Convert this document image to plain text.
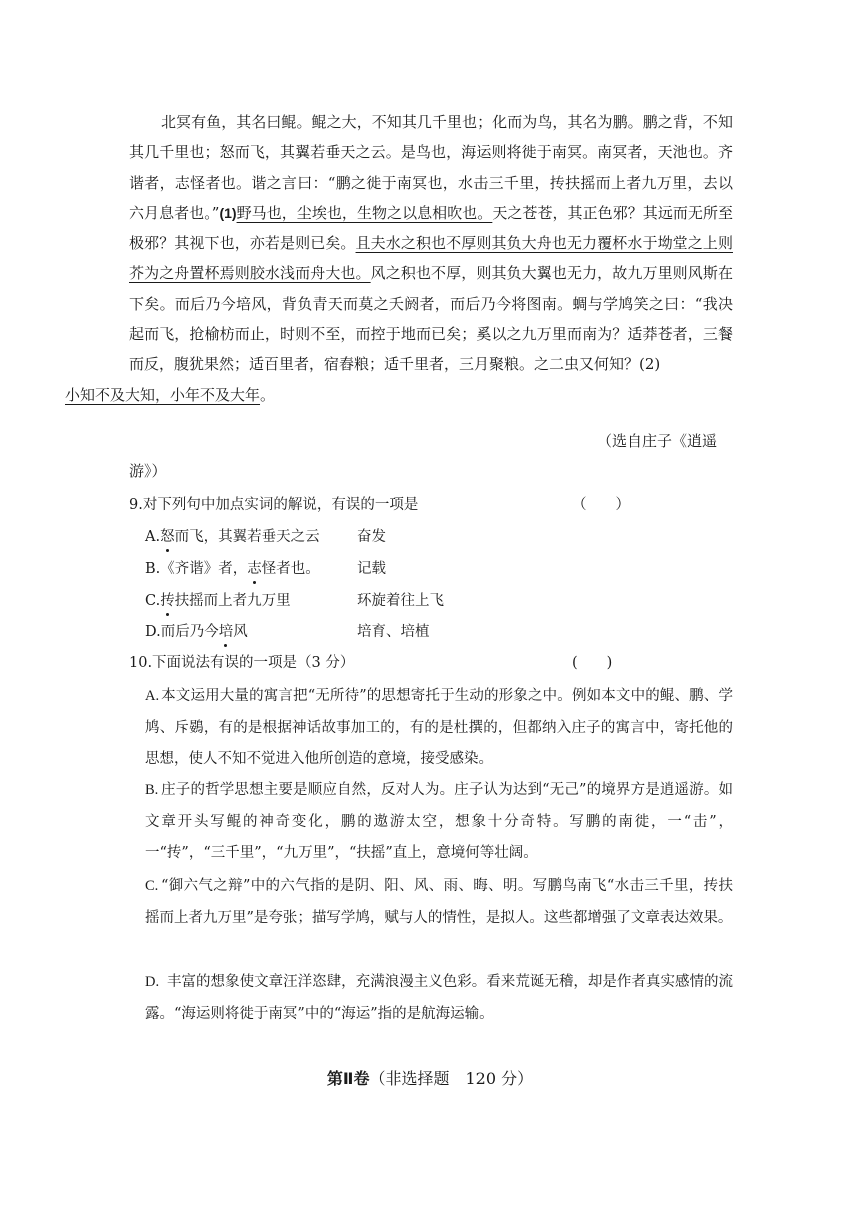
北冥有鱼，其名曰鲲。鲲之大，不知其几千里也；化而为鸟，其名为鹏。鹏之背，不知其几千里也；怒而飞，其翼若垂天之云。是鸟也，海运则将徙于南冥。南冥者，天池也。齐谐者，志怪者也。谐之言曰：“鹏之徙于南冥也，水击三千里，抟扶摇而上者九万里，去以六月息者也。”(1)野马也，尘埃也，生物之以息相吹也。天之苍苍，其正色邪？其远而无所至极邪？其视下也，亦若是则已矣。且夫水之积也不厚则其负大舟也无力覆杯水于坳堂之上则芥为之舟置杯焉则胶水浅而舟大也。风之积也不厚，则其负大翼也无力，故九万里则风斯在下矣。而后乃今培风，背负青天而莫之夭阏者，而后乃今将图南。蜩与学鸠笑之曰：“我决起而飞，抢榆枋而止，时则不至，而控于地而已矣；奚以之九万里而南为？适莽苍者，三餐而反，腹犹果然；适百里者，宿舂粮；适千里者，三月聚粮。之二虫又何知？(2)
小知不及大知，小年不及大年。

（选自庄子《逍遥

游》）

9.对下列句中加点实词的解说，有误的一项是	（　　）
A.怒而飞，其翼若垂天之云	奋发
B.《齐谐》者，志怪者也。	记载
C.抟扶摇而上者九万里	环旋着往上飞
D.而后乃今培风	培育、培植

10.下面说法有误的一项是（3 分）	(　　)

A. 本文运用大量的寓言把“无所待”的思想寄托于生动的形象之中。例如本文中的鲲、鹏、学鸠、斥鷃，有的是根据神话故事加工的，有的是杜撰的，但都纳入庄子的寓言中，寄托他的思想，使人不知不觉进入他所创造的意境，接受感染。

B. 庄子的哲学思想主要是顺应自然，反对人为。庄子认为达到“无己”的境界方是逍遥游。如文章开头写鲲的神奇变化，鹏的遨游太空，想象十分奇特。写鹏的南徙，一“击”，一“抟”，“三千里”，“九万里”，“扶摇”直上，意境何等壮阔。

C. “御六气之辩”中的六气指的是阴、阳、风、雨、晦、明。写鹏鸟南飞“水击三千里，抟扶摇而上者九万里”是夸张；描写学鸠，赋与人的情性，是拟人。这些都增强了文章表达效果。

D. 丰富的想象使文章汪洋恣肆，充满浪漫主义色彩。看来荒诞无稽，却是作者真实感情的流露。“海运则将徙于南冥”中的“海运”指的是航海运输。

第Ⅱ卷（非选择题　120 分）
